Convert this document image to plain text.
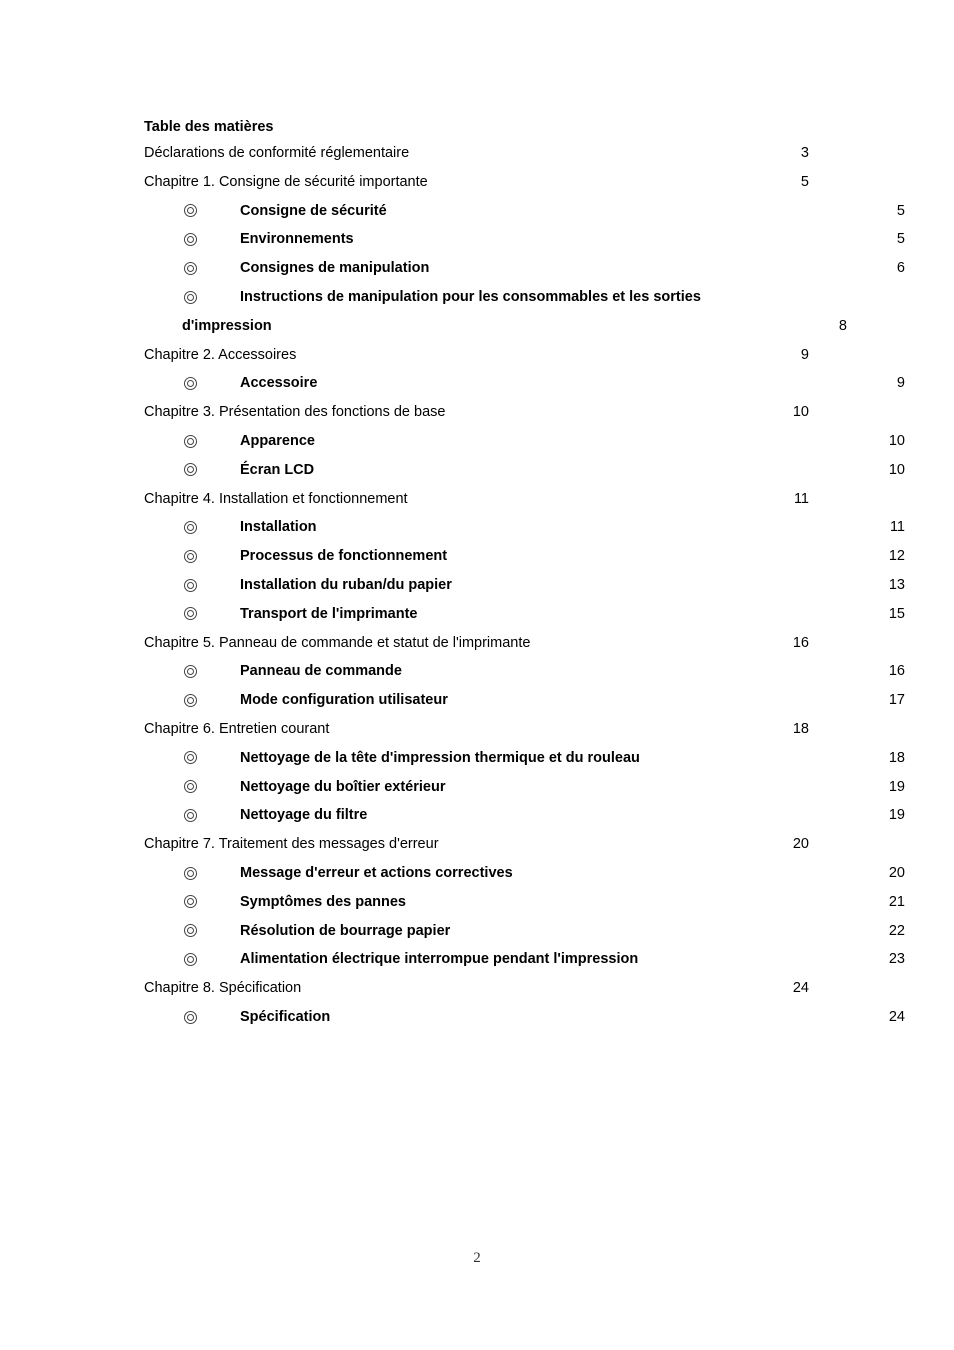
Table des matières
Déclarations de conformité réglementaire	3
Chapitre 1. Consigne de sécurité importante	5
Consigne de sécurité	5
Environnements	5
Consignes de manipulation	6
Instructions de manipulation pour les consommables et les sorties
d'impression	8
Chapitre 2. Accessoires	9
Accessoire	9
Chapitre 3. Présentation des fonctions de base	10
Apparence	10
Écran LCD	10
Chapitre 4. Installation et fonctionnement	11
Installation	11
Processus de fonctionnement	12
Installation du ruban/du papier	13
Transport de l'imprimante	15
Chapitre 5. Panneau de commande et statut de l'imprimante	16
Panneau de commande	16
Mode configuration utilisateur	17
Chapitre 6. Entretien courant	18
Nettoyage de la tête d'impression thermique et du rouleau	18
Nettoyage du boîtier extérieur	19
Nettoyage du filtre	19
Chapitre 7. Traitement des messages d'erreur	20
Message d'erreur et actions correctives	20
Symptômes des pannes	21
Résolution de bourrage papier	22
Alimentation électrique interrompue pendant l'impression	23
Chapitre 8. Spécification	24
Spécification	24
2
